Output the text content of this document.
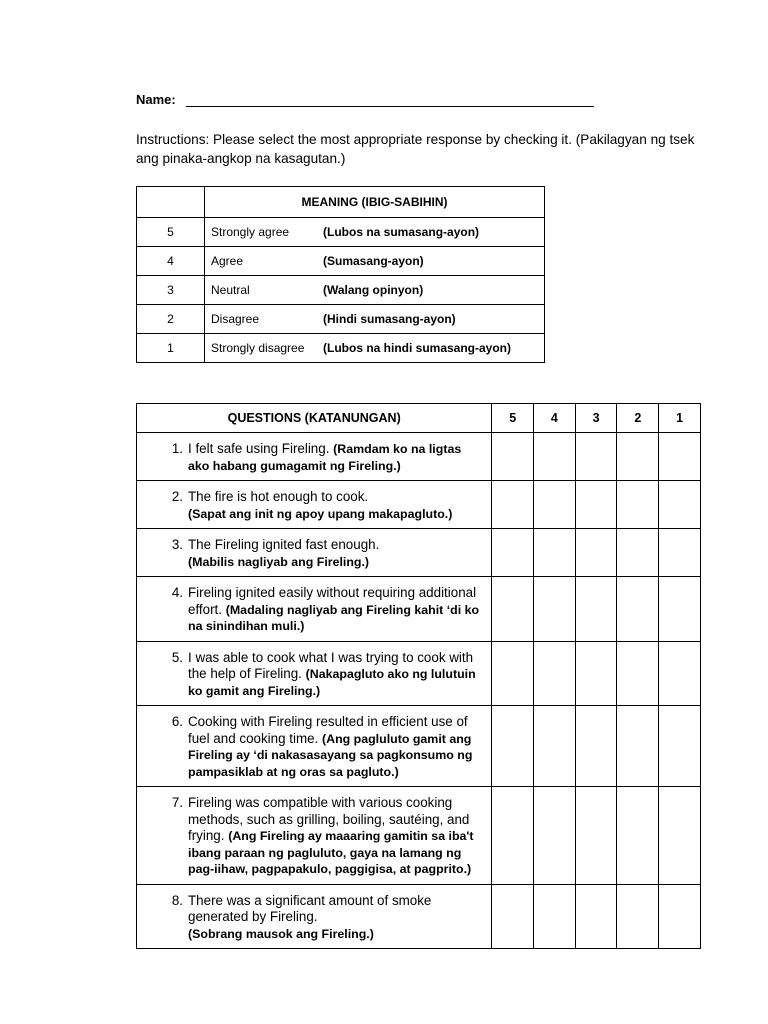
Name:
Instructions: Please select the most appropriate response by checking it. (Pakilagyan ng tsek ang pinaka-angkop na kasagutan.)
	MEANING (IBIG-SABIHIN)
5	Strongly agree (Lubos na sumasang-ayon)
4	Agree (Sumasang-ayon)
3	Neutral (Walang opinyon)
2	Disagree (Hindi sumasang-ayon)
1	Strongly disagree (Lubos na hindi sumasang-ayon)
QUESTIONS (KATANUNGAN)	5	4	3	2	1

1. I felt safe using Fireling. (Ramdam ko na ligtas ako habang gumagamit ng Fireling.)					

2. The fire is hot enough to cook.
(Sapat ang init ng apoy upang makapagluto.)					

3. The Fireling ignited fast enough.
(Mabilis nagliyab ang Fireling.)					

4. Fireling ignited easily without requiring additional effort. (Madaling nagliyab ang Fireling kahit ‘di ko na sinindihan muli.)					

5. I was able to cook what I was trying to cook with the help of Fireling. (Nakapagluto ako ng lulutuin ko gamit ang Fireling.)					

6. Cooking with Fireling resulted in efficient use of fuel and cooking time. (Ang pagluluto gamit ang Fireling ay ‘di nakasasayang sa pagkonsumo ng pampasiklab at ng oras sa pagluto.)					

7. Fireling was compatible with various cooking methods, such as grilling, boiling, sautéing, and frying. (Ang Fireling ay maaaring gamitin sa iba't ibang paraan ng pagluluto, gaya na lamang ng pag-iihaw, pagpapakulo, paggigisa, at pagprito.)					

8. There was a significant amount of smoke generated by Fireling.
(Sobrang mausok ang Fireling.)					
